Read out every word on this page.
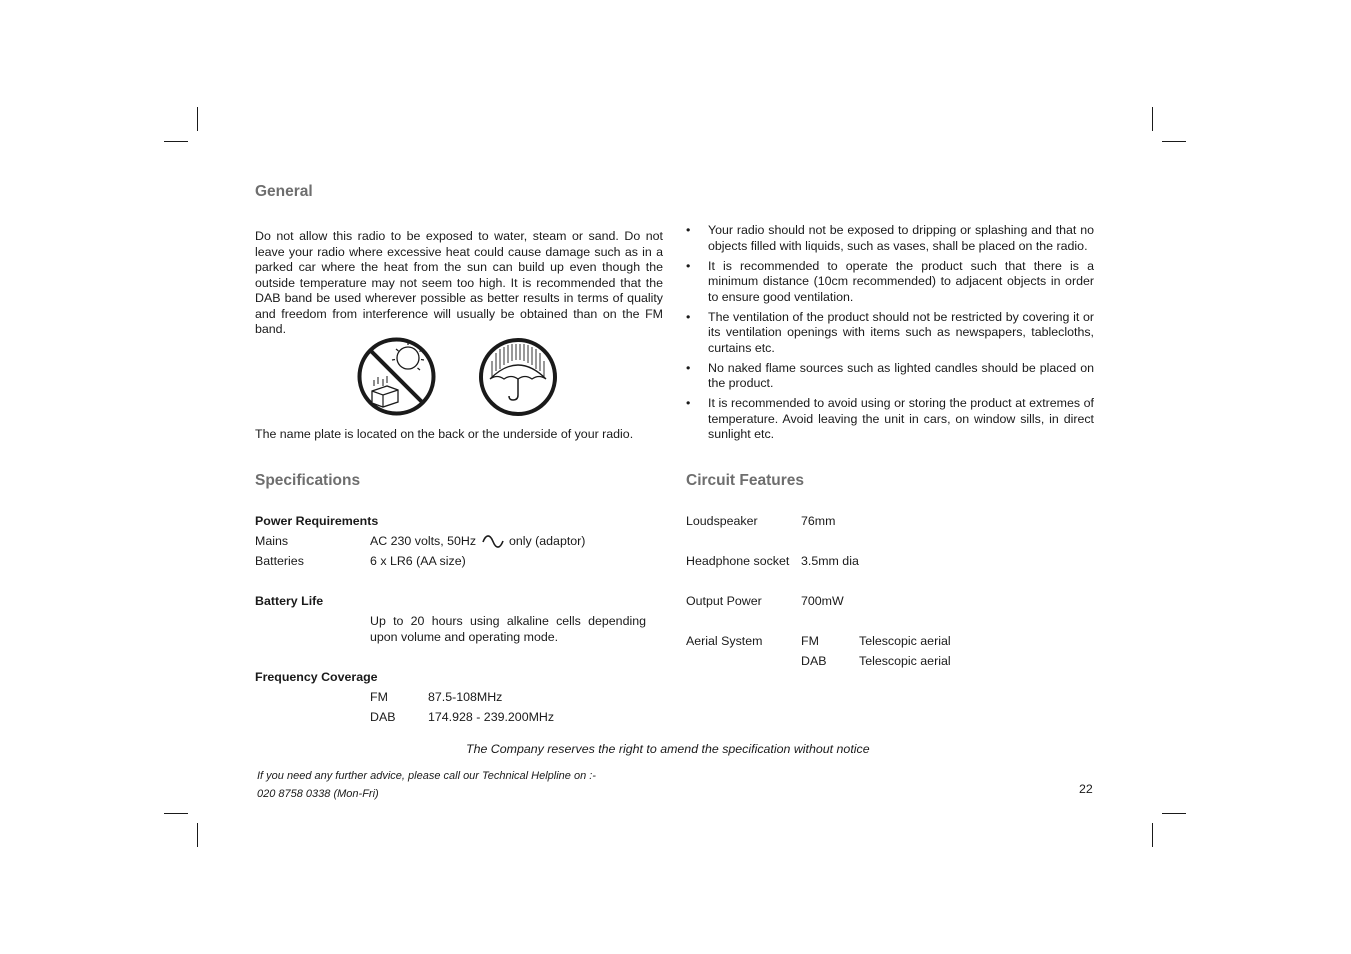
General
Do not allow this radio to be exposed to water, steam or sand. Do not leave your radio where excessive heat could cause damage such as in a parked car where the heat from the sun can build up even though the outside temperature may not seem too high. It is recommended that the DAB band be used wherever possible as better results in terms of quality and freedom from interference will usually be obtained than on the FM band.
The name plate is located on the back or the underside of your radio.
• Your radio should not be exposed to dripping or splashing and that no objects filled with liquids, such as vases, shall be placed on the radio.
• It is recommended to operate the product such that there is a minimum distance (10cm recommended) to adjacent objects in order to ensure good ventilation.
• The ventilation of the product should not be restricted by covering it or its ventilation openings with items such as newspapers, tablecloths, curtains etc.
• No naked flame sources such as lighted candles should be placed on the product.
• It is recommended to avoid using or storing the product at extremes of temperature. Avoid leaving the unit in cars, on window sills, in direct sunlight etc.
Specifications
Power Requirements
Mains	AC 230 volts, 50Hz	only (adaptor)
Batteries	6 x LR6 (AA size)
Battery Life
Up to 20 hours using alkaline cells depending upon volume and operating mode.
Frequency Coverage
FM	87.5-108MHz
DAB	174.928 - 239.200MHz
Circuit Features
Loudspeaker	76mm
Headphone socket 3.5mm dia
Output Power	700mW
Aerial System	FM	Telescopic aerial
DAB	Telescopic aerial
The Company reserves the right to amend the specification without notice
If you need any further advice, please call our Technical Helpline on :-
020 8758 0338 (Mon-Fri)	22
